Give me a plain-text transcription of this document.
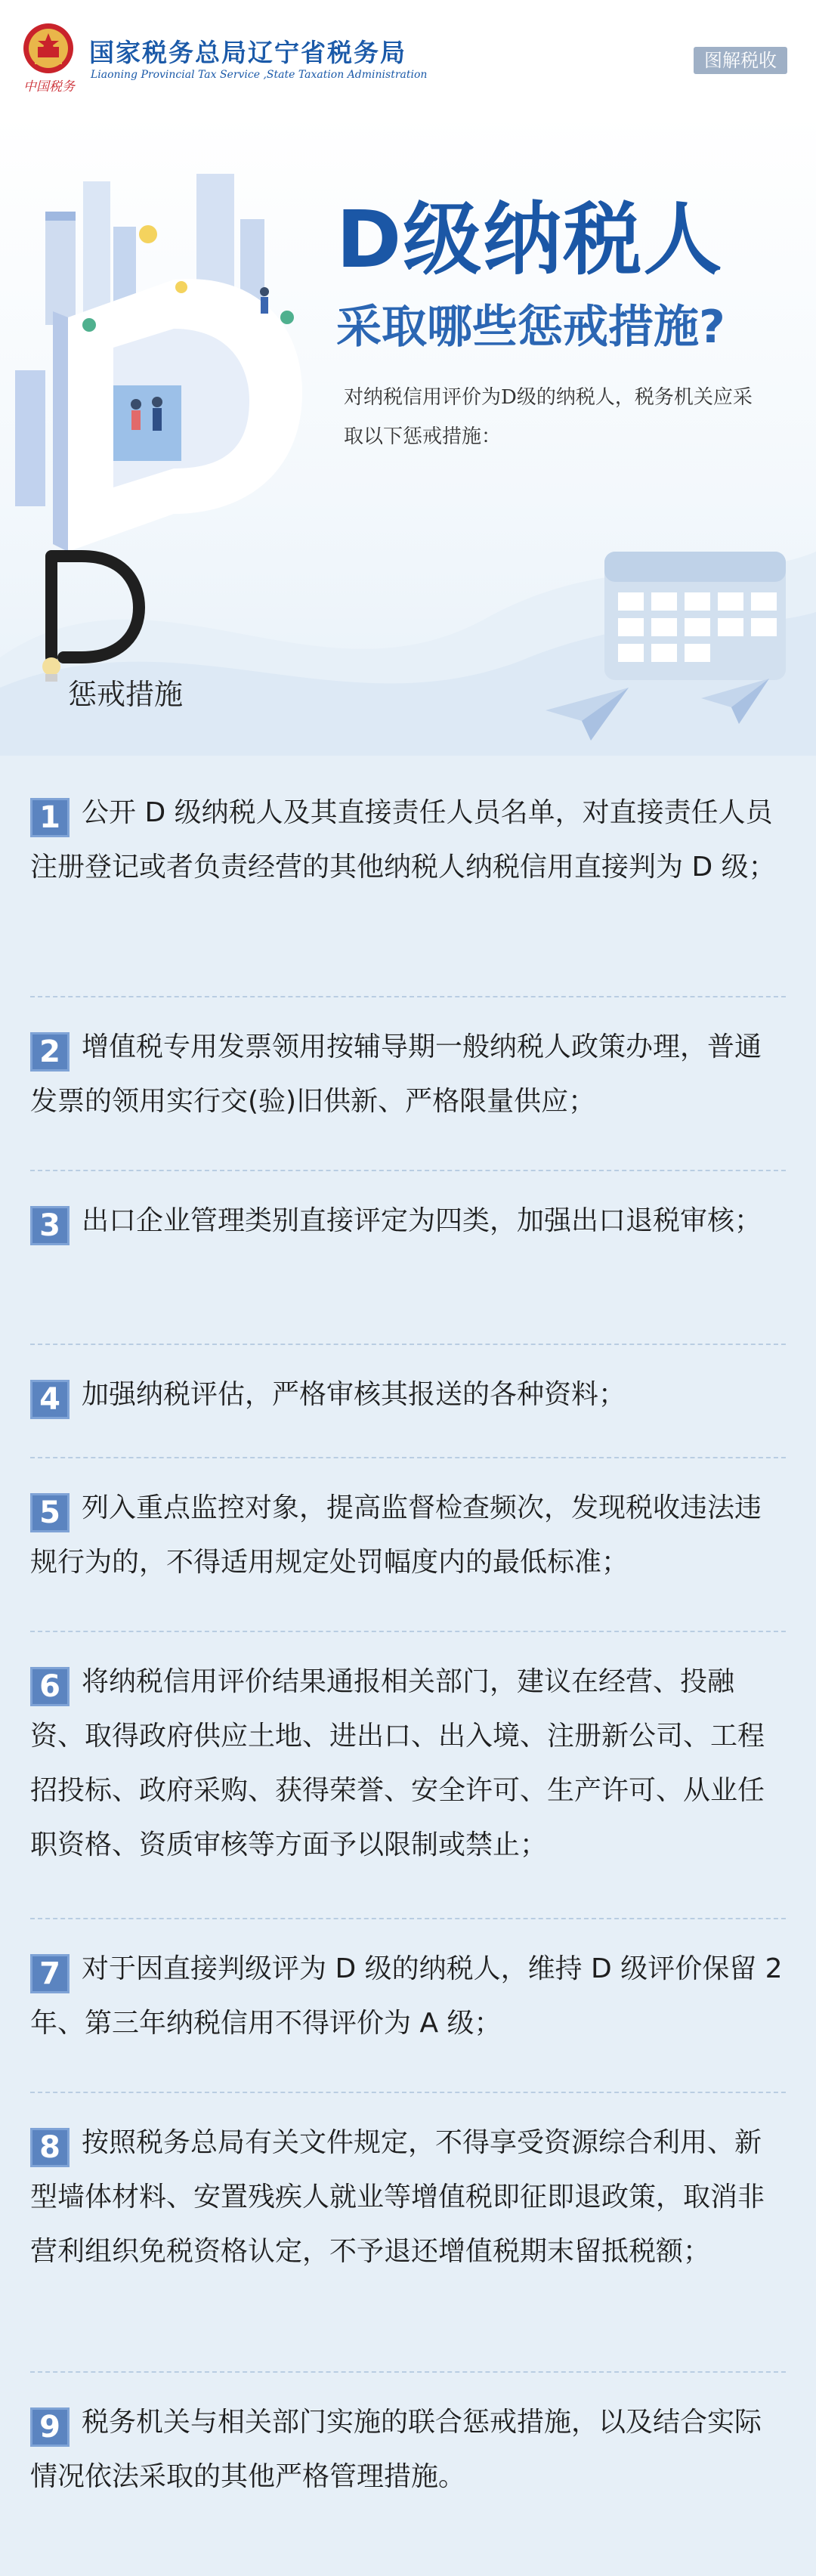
中国税务
国家税务总局辽宁省税务局
Liaoning Provincial Tax Service ,State Taxation Administration
图解税收
D级纳税人
采取哪些惩戒措施?
对纳税信用评价为D级的纳税人，税务机关应采取以下惩戒措施：
惩戒措施
1 公开 D 级纳税人及其直接责任人员名单，对直接责任人员注册登记或者负责经营的其他纳税人纳税信用直接判为 D 级；
2 增值税专用发票领用按辅导期一般纳税人政策办理，普通发票的领用实行交(验)旧供新、严格限量供应；
3 出口企业管理类别直接评定为四类，加强出口退税审核；
4 加强纳税评估，严格审核其报送的各种资料；
5 列入重点监控对象，提高监督检查频次，发现税收违法违规行为的，不得适用规定处罚幅度内的最低标准；
6 将纳税信用评价结果通报相关部门，建议在经营、投融资、取得政府供应土地、进出口、出入境、注册新公司、工程招投标、政府采购、获得荣誉、安全许可、生产许可、从业任职资格、资质审核等方面予以限制或禁止；
7 对于因直接判级评为 D 级的纳税人，维持 D 级评价保留 2 年、第三年纳税信用不得评价为 A 级；
8 按照税务总局有关文件规定，不得享受资源综合利用、新型墙体材料、安置残疾人就业等增值税即征即退政策，取消非营利组织免税资格认定，不予退还增值税期末留抵税额；
9 税务机关与相关部门实施的联合惩戒措施，以及结合实际情况依法采取的其他严格管理措施。
